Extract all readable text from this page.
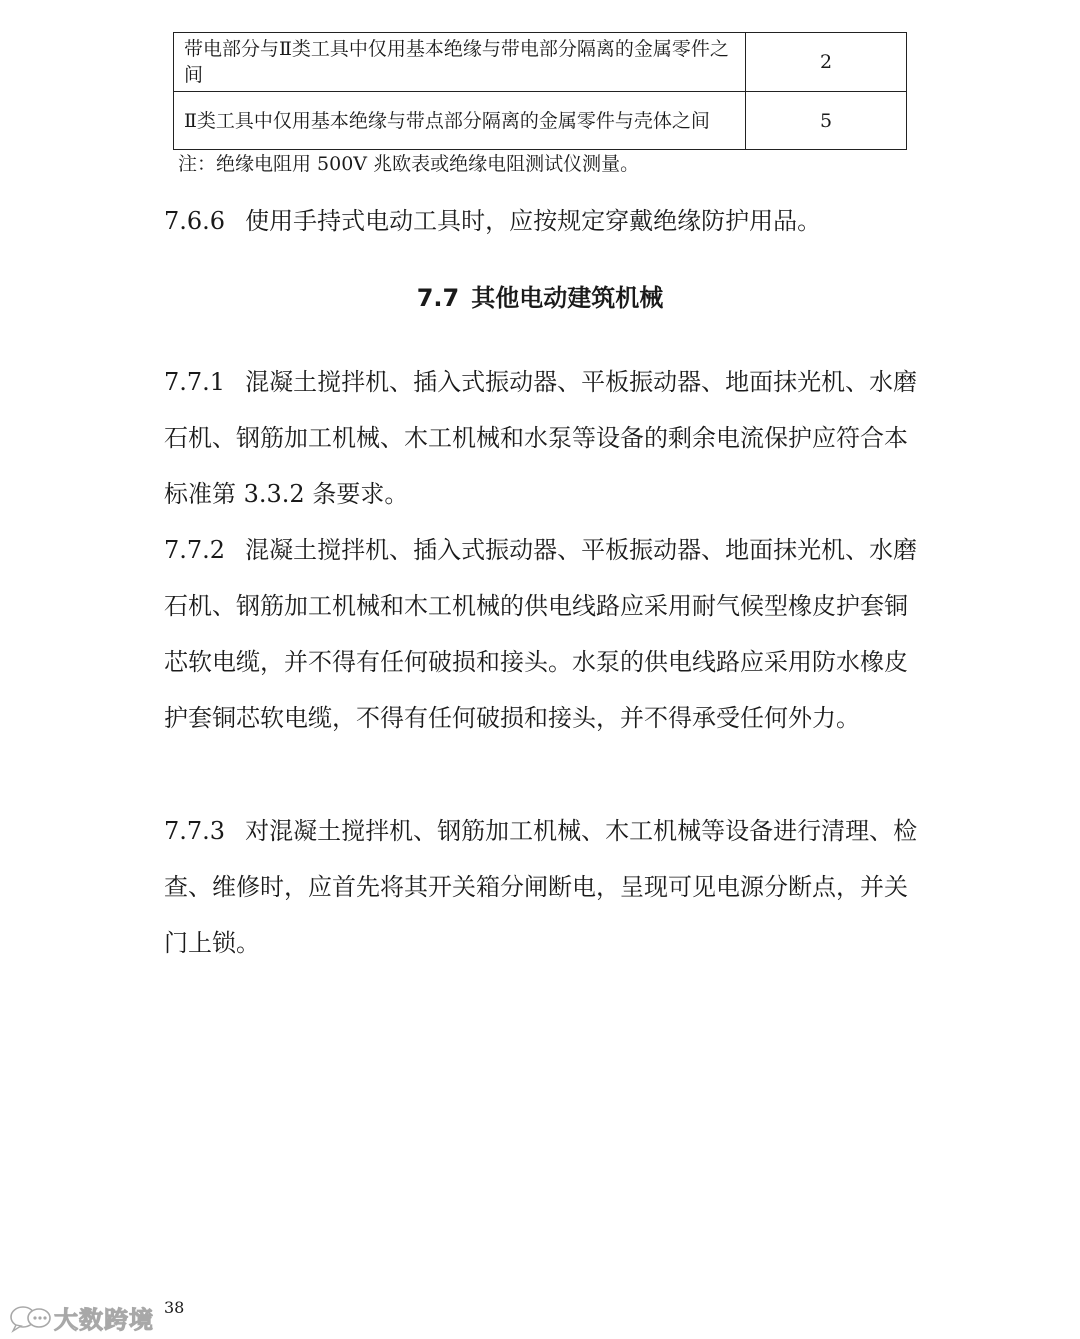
带电部分与Ⅱ类工具中仅用基本绝缘与带电部分隔离的金属零件之间	2
Ⅱ类工具中仅用基本绝缘与带点部分隔离的金属零件与壳体之间	5
注：绝缘电阻用 500V 兆欧表或绝缘电阻测试仪测量。
7.6.6 使用手持式电动工具时，应按规定穿戴绝缘防护用品。
7.7 其他电动建筑机械
7.7.1 混凝土搅拌机、插入式振动器、平板振动器、地面抹光机、水磨石机、钢筋加工机械、木工机械和水泵等设备的剩余电流保护应符合本标准第 3.3.2 条要求。
7.7.2 混凝土搅拌机、插入式振动器、平板振动器、地面抹光机、水磨石机、钢筋加工机械和木工机械的供电线路应采用耐气候型橡皮护套铜芯软电缆，并不得有任何破损和接头。水泵的供电线路应采用防水橡皮护套铜芯软电缆，不得有任何破损和接头，并不得承受任何外力。
7.7.3 对混凝土搅拌机、钢筋加工机械、木工机械等设备进行清理、检查、维修时，应首先将其开关箱分闸断电，呈现可见电源分断点，并关门上锁。
38
大数跨境
